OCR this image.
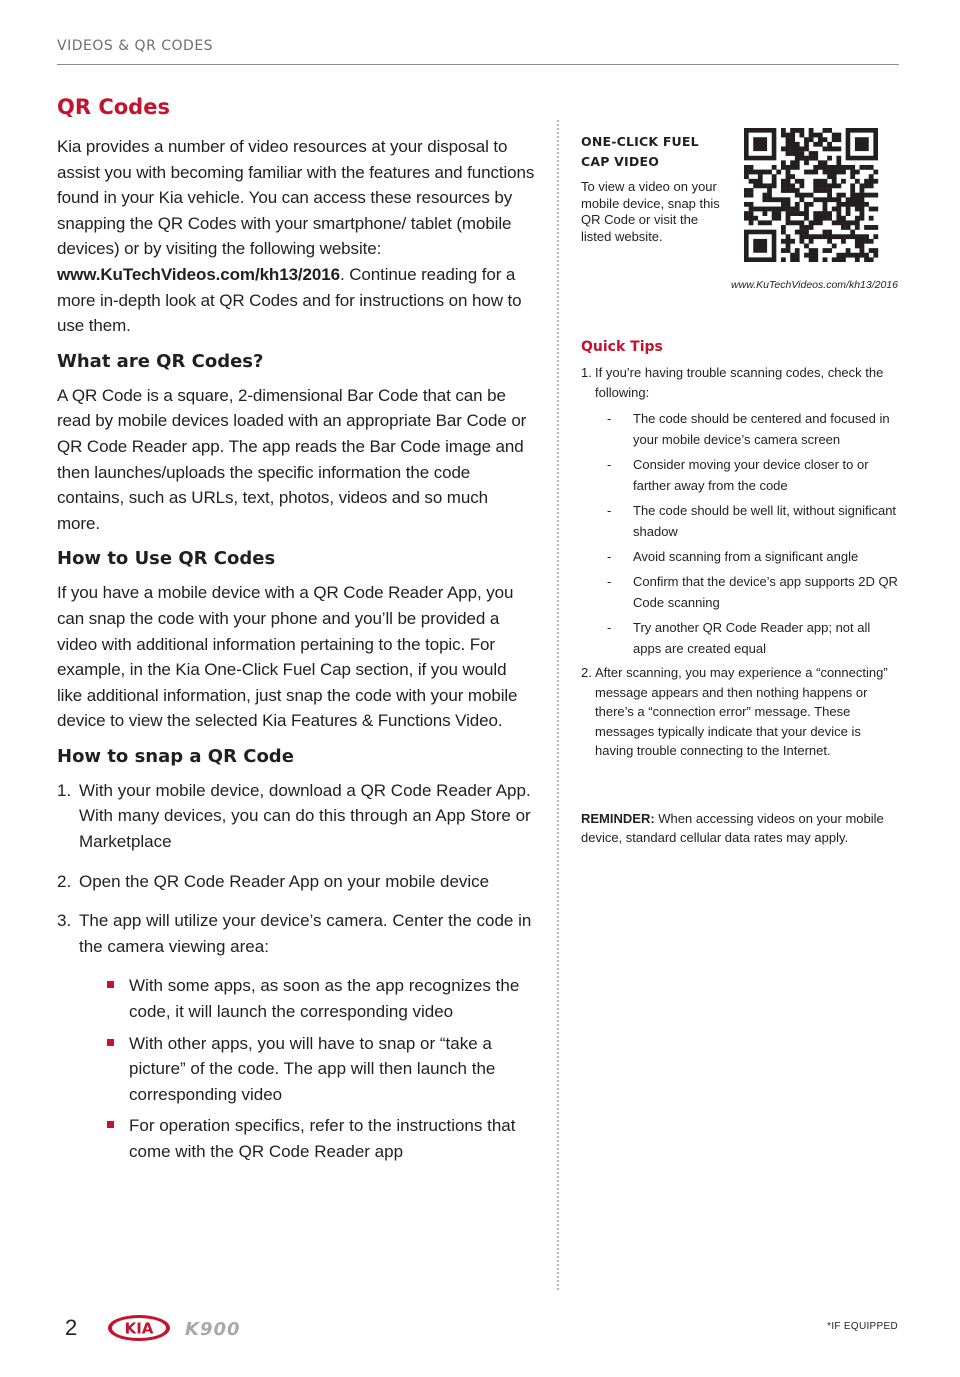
VIDEOS & QR CODES
QR Codes

Kia provides a number of video resources at your disposal to assist you with becoming familiar with the features and functions found in your Kia vehicle. You can access these resources by snapping the QR Codes with your smartphone/ tablet (mobile devices) or by visiting the following website: www.KuTechVideos.com/kh13/2016. Continue reading for a more in-depth look at QR Codes and for instructions on how to use them.

What are QR Codes?

A QR Code is a square, 2-dimensional Bar Code that can be read by mobile devices loaded with an appropriate Bar Code or QR Code Reader app. The app reads the Bar Code image and then launches/uploads the specific information the code contains, such as URLs, text, photos, videos and so much more.

How to Use QR Codes

If you have a mobile device with a QR Code Reader App, you can snap the code with your phone and you’ll be provided a video with additional information pertaining to the topic. For example, in the Kia One-Click Fuel Cap section, if you would like additional information, just snap the code with your mobile device to view the selected Kia Features & Functions Video.

How to snap a QR Code
1. With your mobile device, download a QR Code Reader App. With many devices, you can do this through an App Store or Marketplace
2. Open the QR Code Reader App on your mobile device
3. The app will utilize your device’s camera. Center the code in the camera viewing area:
With some apps, as soon as the app recognizes the code, it will launch the corresponding video
With other apps, you will have to snap or “take a picture” of the code. The app will then launch the corresponding video
For operation specifics, refer to the instructions that come with the QR Code Reader app
ONE-CLICK FUEL CAP VIDEO
To view a video on your mobile device, snap this QR Code or visit the listed website.
www.KuTechVideos.com/kh13/2016
Quick Tips
1. If you’re having trouble scanning codes, check the following:
- The code should be centered and focused in your mobile device’s camera screen
- Consider moving your device closer to or farther away from the code
- The code should be well lit, without significant shadow
- Avoid scanning from a significant angle
- Confirm that the device’s app supports 2D QR Code scanning
- Try another QR Code Reader app; not all apps are created equal
2. After scanning, you may experience a “connecting” message appears and then nothing happens or there’s a “connection error” message. These messages typically indicate that your device is having trouble connecting to the Internet.
REMINDER: When accessing videos on your mobile device, standard cellular data rates may apply.
2	KIA K900	*IF EQUIPPED
